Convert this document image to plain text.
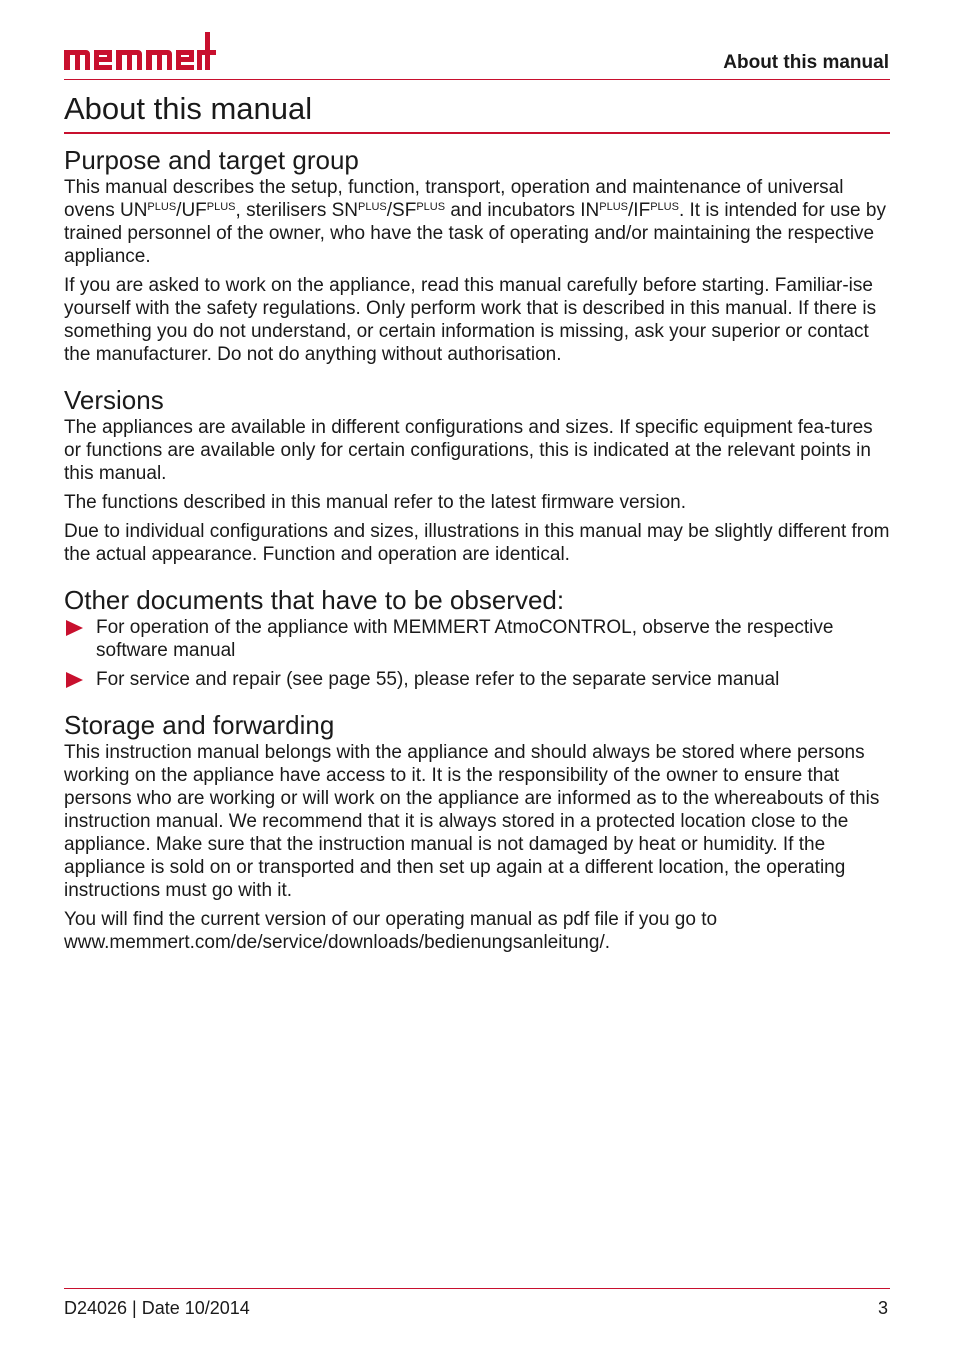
About this manual
About this manual
Purpose and target group

This manual describes the setup, function, transport, operation and maintenance of universal ovens $UN^{PLUS}/UF^{PLUS}$, sterilisers $SN^{PLUS}/SF^{PLUS}$ and incubators $IN^{PLUS}/IF^{PLUS}$. It is intended for use by trained personnel of the owner, who have the task of operating and/or maintaining the respective appliance.

If you are asked to work on the appliance, read this manual carefully before starting. Familiar-ise yourself with the safety regulations. Only perform work that is described in this manual. If there is something you do not understand, or certain information is missing, ask your superior or contact the manufacturer. Do not do anything without authorisation.

Versions

The appliances are available in different configurations and sizes. If specific equipment fea-tures or functions are available only for certain configurations, this is indicated at the relevant points in this manual.

The functions described in this manual refer to the latest firmware version.

Due to individual configurations and sizes, illustrations in this manual may be slightly different from the actual appearance. Function and operation are identical.

Other documents that have to be observed:
For operation of the appliance with MEMMERT AtmoCONTROL, observe the respective software manual
For service and repair (see page 55), please refer to the separate service manual
Storage and forwarding

This instruction manual belongs with the appliance and should always be stored where persons working on the appliance have access to it. It is the responsibility of the owner to ensure that persons who are working or will work on the appliance are informed as to the whereabouts of this instruction manual. We recommend that it is always stored in a protected location close to the appliance. Make sure that the instruction manual is not damaged by heat or humidity. If the appliance is sold on or transported and then set up again at a different location, the operating instructions must go with it.

You will find the current version of our operating manual as pdf file if you go to www.memmert.com/de/service/downloads/bedienungsanleitung/.

D24026 | Date 10/2014	3
